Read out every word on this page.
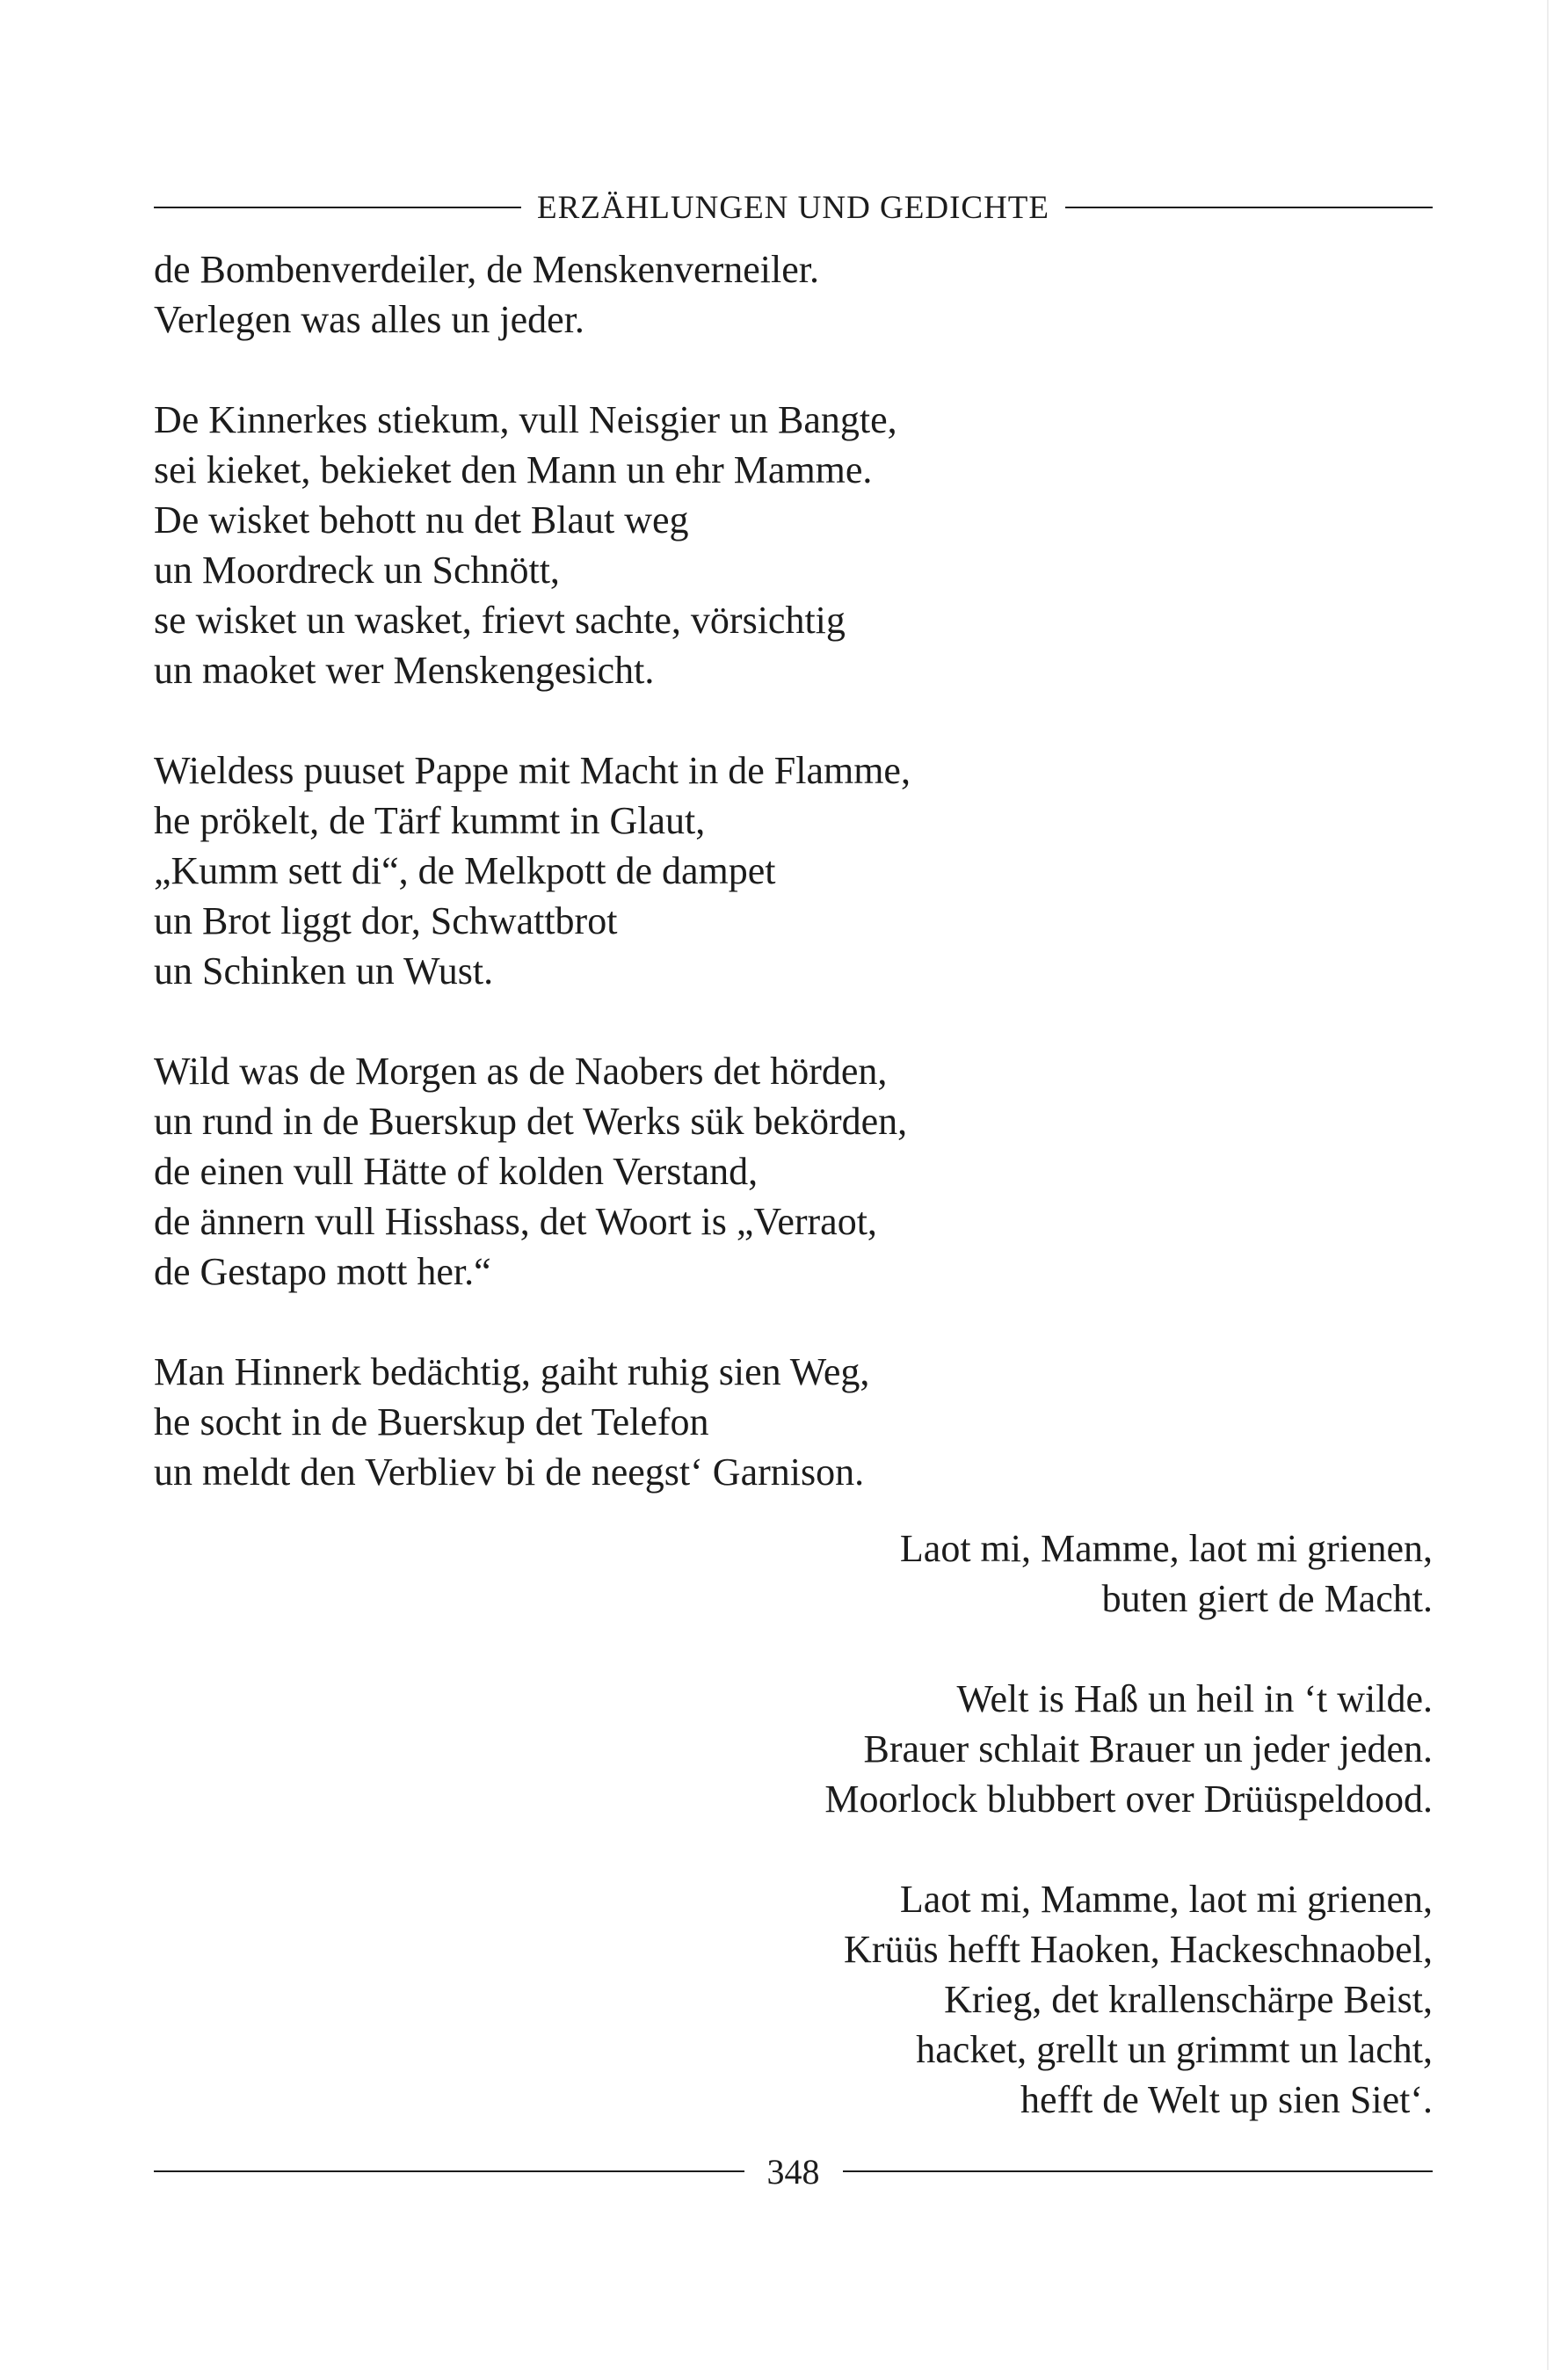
ERZÄHLUNGEN UND GEDICHTE
de Bombenverdeiler, de Menskenverneiler.
Verlegen was alles un jeder.
De Kinnerkes stiekum, vull Neisgier un Bangte,
sei kieket, bekieket den Mann un ehr Mamme.
De wisket behott nu det Blaut weg
un Moordreck un Schnött,
se wisket un wasket, frievt sachte, vörsichtig
un maoket wer Menskengesicht.
Wieldess puuset Pappe mit Macht in de Flamme,
he prökelt, de Tärf kummt in Glaut,
„Kumm sett di“, de Melkpott de dampet
un Brot liggt dor, Schwattbrot
un Schinken un Wust.
Wild was de Morgen as de Naobers det hörden,
un rund in de Buerskup det Werks sük bekörden,
de einen vull Hätte of kolden Verstand,
de ännern vull Hisshass, det Woort is „Verraot,
de Gestapo mott her.“
Man Hinnerk bedächtig, gaiht ruhig sien Weg,
he socht in de Buerskup det Telefon
un meldt den Verbliev bi de neegst‘ Garnison.
Laot mi, Mamme, laot mi grienen,
buten giert de Macht.
Welt is Haß un heil in ‘t wilde.
Brauer schlait Brauer un jeder jeden.
Moorlock blubbert over Drüüspeldood.
Laot mi, Mamme, laot mi grienen,
Krüüs hefft Haoken, Hackeschnaobel,
Krieg, det krallenschärpe Beist,
hacket, grellt un grimmt un lacht,
hefft de Welt up sien Siet‘.
348
